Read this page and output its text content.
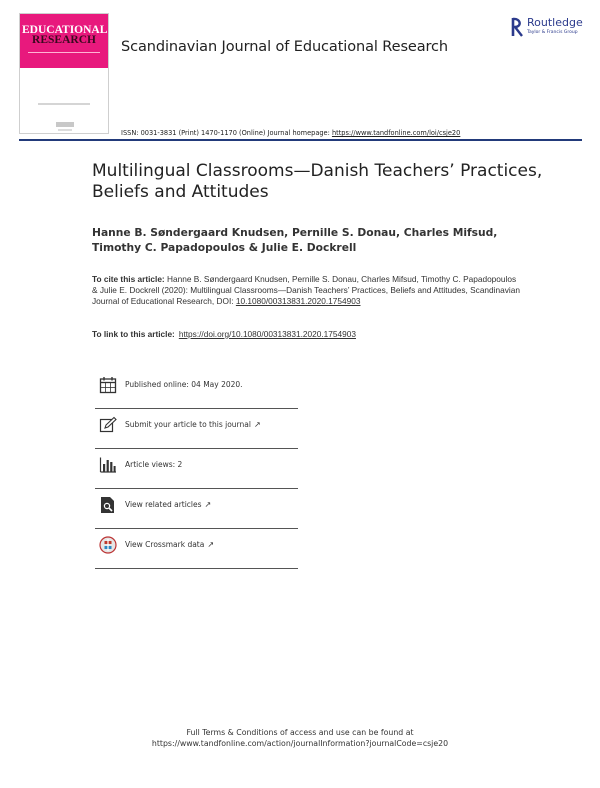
EDUCATIONAL
RESEARCH	Scandinavian Journal of Educational Research
Routledge
Taylor & Francis Group
ISSN: 0031-3831 (Print) 1470-1170 (Online) Journal homepage: https://www.tandfonline.com/loi/csje20
Multilingual Classrooms—Danish Teachers’ Practices, Beliefs and Attitudes
Hanne B. Søndergaard Knudsen, Pernille S. Donau, Charles Mifsud, Timothy C. Papadopoulos & Julie E. Dockrell
To cite this article: Hanne B. Søndergaard Knudsen, Pernille S. Donau, Charles Mifsud, Timothy C. Papadopoulos & Julie E. Dockrell (2020): Multilingual Classrooms—Danish Teachers’ Practices, Beliefs and Attitudes, Scandinavian Journal of Educational Research, DOI: 10.1080/00313831.2020.1754903
To link to this article: https://doi.org/10.1080/00313831.2020.1754903
Published online: 04 May 2020.
Submit your article to this journal ↗
Article views: 2
View related articles ↗
View Crossmark data ↗
Full Terms & Conditions of access and use can be found at
https://www.tandfonline.com/action/journalInformation?journalCode=csje20
